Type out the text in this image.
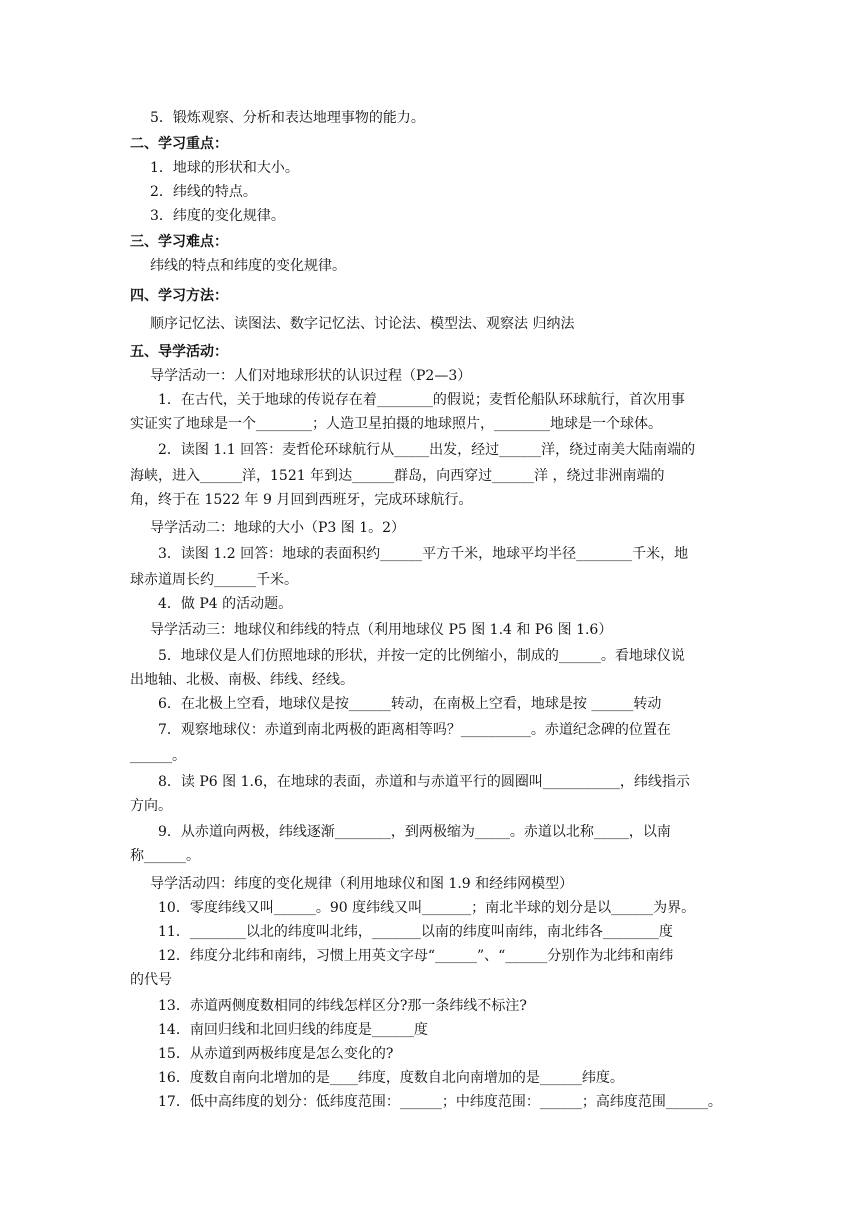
5．锻炼观察、分析和表达地理事物的能力。
二、学习重点：
1．地球的形状和大小。
2．纬线的特点。
3．纬度的变化规律。
三、学习难点：
纬线的特点和纬度的变化规律。
四、学习方法：
顺序记忆法、读图法、数字记忆法、讨论法、模型法、观察法 归纳法
五、导学活动：
导学活动一：人们对地球形状的认识过程（P2—3）
1．在古代，关于地球的传说存在着________的假说；麦哲伦船队环球航行，首次用事
实证实了地球是一个________；人造卫星拍摄的地球照片，________地球是一个球体。
2．读图 1.1 回答：麦哲伦环球航行从_____出发，经过______洋，绕过南美大陆南端的
海峡，进入______洋，1521 年到达______群岛，向西穿过______洋 ，绕过非洲南端的
角，终于在 1522 年 9 月回到西班牙，完成环球航行。
导学活动二：地球的大小（P3 图 1。2）
3．读图 1.2 回答：地球的表面积约______平方千米，地球平均半径________千米，地
球赤道周长约______千米。
4．做 P4 的活动题。
导学活动三：地球仪和纬线的特点（利用地球仪 P5 图 1.4 和 P6 图 1.6）
5．地球仪是人们仿照地球的形状，并按一定的比例缩小，制成的______。看地球仪说
出地轴、北极、南极、纬线、经线。
6．在北极上空看，地球仪是按______转动，在南极上空看，地球是按 ______转动
7．观察地球仪：赤道到南北两极的距离相等吗？__________。赤道纪念碑的位置在
______。
8．读 P6 图 1.6，在地球的表面，赤道和与赤道平行的圆圈叫___________，纬线指示
方向。
9．从赤道向两极，纬线逐渐________，到两极缩为_____。赤道以北称_____，以南
称______。
导学活动四：纬度的变化规律（利用地球仪和图 1.9 和经纬网模型）
10．零度纬线又叫______。90 度纬线又叫_______；南北半球的划分是以______为界。
11．________以北的纬度叫北纬，_______以南的纬度叫南纬，南北纬各________度
12．纬度分北纬和南纬，习惯上用英文字母“______”、“______分别作为北纬和南纬
的代号
13．赤道两侧度数相同的纬线怎样区分?那一条纬线不标注?
14．南回归线和北回归线的纬度是______度
15．从赤道到两极纬度是怎么变化的?
16．度数自南向北增加的是____纬度，度数自北向南增加的是______纬度。
17．低中高纬度的划分：低纬度范围：______；中纬度范围：______；高纬度范围______。
